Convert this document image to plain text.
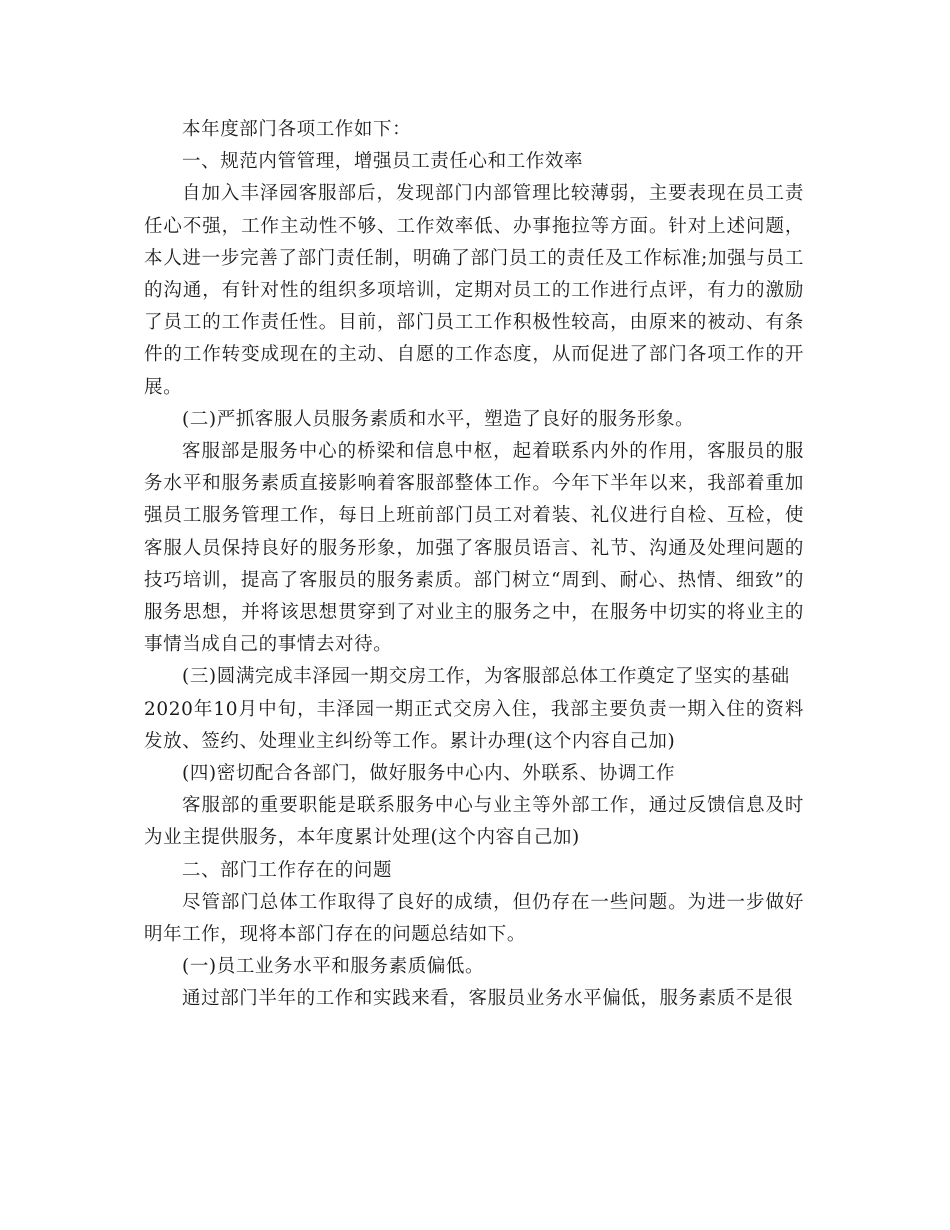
本年度部门各项工作如下：

一、规范内管管理，增强员工责任心和工作效率

自加入丰泽园客服部后，发现部门内部管理比较薄弱，主要表现在员工责任心不强，工作主动性不够、工作效率低、办事拖拉等方面。针对上述问题，本人进一步完善了部门责任制，明确了部门员工的责任及工作标准;加强与员工的沟通，有针对性的组织多项培训，定期对员工的工作进行点评，有力的激励了员工的工作责任性。目前，部门员工工作积极性较高，由原来的被动、有条件的工作转变成现在的主动、自愿的工作态度，从而促进了部门各项工作的开展。

(二)严抓客服人员服务素质和水平，塑造了良好的服务形象。

客服部是服务中心的桥梁和信息中枢，起着联系内外的作用，客服员的服务水平和服务素质直接影响着客服部整体工作。今年下半年以来，我部着重加强员工服务管理工作，每日上班前部门员工对着装、礼仪进行自检、互检，使客服人员保持良好的服务形象，加强了客服员语言、礼节、沟通及处理问题的技巧培训，提高了客服员的服务素质。部门树立“周到、耐心、热情、细致”的服务思想，并将该思想贯穿到了对业主的服务之中，在服务中切实的将业主的事情当成自己的事情去对待。

(三)圆满完成丰泽园一期交房工作，为客服部总体工作奠定了坚实的基础

2020年10月中旬，丰泽园一期正式交房入住，我部主要负责一期入住的资料发放、签约、处理业主纠纷等工作。累计办理(这个内容自己加)

(四)密切配合各部门，做好服务中心内、外联系、协调工作

客服部的重要职能是联系服务中心与业主等外部工作，通过反馈信息及时为业主提供服务，本年度累计处理(这个内容自己加)

二、部门工作存在的问题

尽管部门总体工作取得了良好的成绩，但仍存在一些问题。为进一步做好明年工作，现将本部门存在的问题总结如下。

(一)员工业务水平和服务素质偏低。

通过部门半年的工作和实践来看，客服员业务水平偏低，服务素质不是很
